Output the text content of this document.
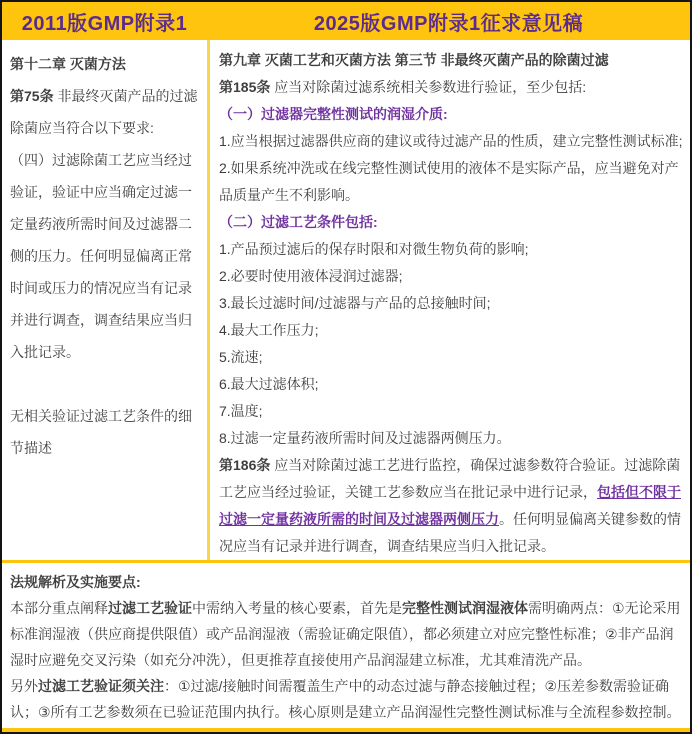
2011版GMP附录1	2025版GMP附录1征求意见稿

第十二章 灭菌方法

第75条 非最终灭菌产品的过滤除菌应当符合以下要求:

（四）过滤除菌工艺应当经过验证，验证中应当确定过滤一定量药液所需时间及过滤器二侧的压力。任何明显偏离正常时间或压力的情况应当有记录并进行调查，调查结果应当归入批记录。

无相关验证过滤工艺条件的细节描述

第九章 灭菌工艺和灭菌方法 第三节 非最终灭菌产品的除菌过滤

第185条 应当对除菌过滤系统相关参数进行验证，至少包括:

（一）过滤器完整性测试的润湿介质:

1.应当根据过滤器供应商的建议或待过滤产品的性质，建立完整性测试标准;

2.如果系统冲洗或在线完整性测试使用的液体不是实际产品，应当避免对产品质量产生不利影响。

（二）过滤工艺条件包括:

1.产品预过滤后的保存时限和对微生物负荷的影响;

2.必要时使用液体浸润过滤器;

3.最长过滤时间/过滤器与产品的总接触时间;

4.最大工作压力;

5.流速;

6.最大过滤体积;

7.温度;

8.过滤一定量药液所需时间及过滤器两侧压力。

第186条 应当对除菌过滤工艺进行监控，确保过滤参数符合验证。过滤除菌工艺应当经过验证，关键工艺参数应当在批记录中进行记录，包括但不限于过滤一定量药液所需的时间及过滤器两侧压力。任何明显偏离关键参数的情况应当有记录并进行调查，调查结果应当归入批记录。

法规解析及实施要点:

本部分重点阐释过滤工艺验证中需纳入考量的核心要素，首先是完整性测试润湿液体需明确两点：①无论采用标准润湿液（供应商提供限值）或产品润湿液（需验证确定限值），都必须建立对应完整性标准；②非产品润湿时应避免交叉污染（如充分冲洗），但更推荐直接使用产品润湿建立标准，尤其难清洗产品。

另外过滤工艺验证须关注：①过滤/接触时间需覆盖生产中的动态过滤与静态接触过程；②压差参数需验证确认；③所有工艺参数须在已验证范围内执行。核心原则是建立产品润湿性完整性测试标准与全流程参数控制。
